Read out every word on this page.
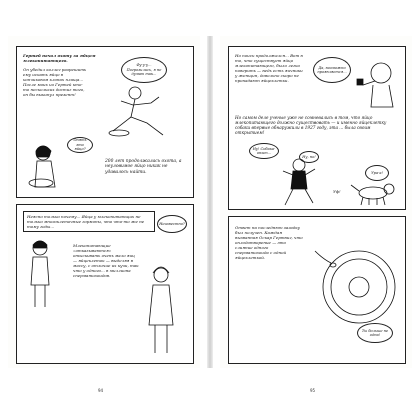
Гертей начал охоту за яйцом млекопитающего.
Он убедил коллег разрешить ему искать яйцо в копчиковом клонах плаща... После моих из Гертей кто-то нескольких достиг того, он бы выкинул презент!
Фу-у-у... Погрозились, я не думаю так...
Опять это яйцо?
200 лет продолжалась охота, а неуловимое яйцо никак не удавалось найти.
Неясно только почему... Яйца у млекопитающих не только многоклеточные гормоны, что что-то же не тому годы...
Неизвестно?
Млекопитающие «отказываются» отыскивать очень мало яиц — яйцеклеток — выделяя в массу, с отличие их кучи, так что у одного... в миллиона сперматозоидов.
94
Но поиск продолжался... Вот в то, что существует яйцо млекопитающего, было легко поверить — ведь есть яичники у женщин, довольно скоро не пропадают яйцеклетки.
Да, возможно проявляется...
Но самом деле ученые уже не сомневались в том, что яйцо млекопитающего должно существовать — и именно яйцеклетку собаки впервые обнаружили в 1927 году, эта ... была своим открытием!
Ну! Собака-опыт...
Ну, но!
Ура-а!
Уф!
Ответ на последнюю загадку был получен. Каждая вызванная Оскар Гертвиг, что оплодотворение — это слияние одного сперматозоида с одной яйцеклеткой.
Ты больше не одна!
95
